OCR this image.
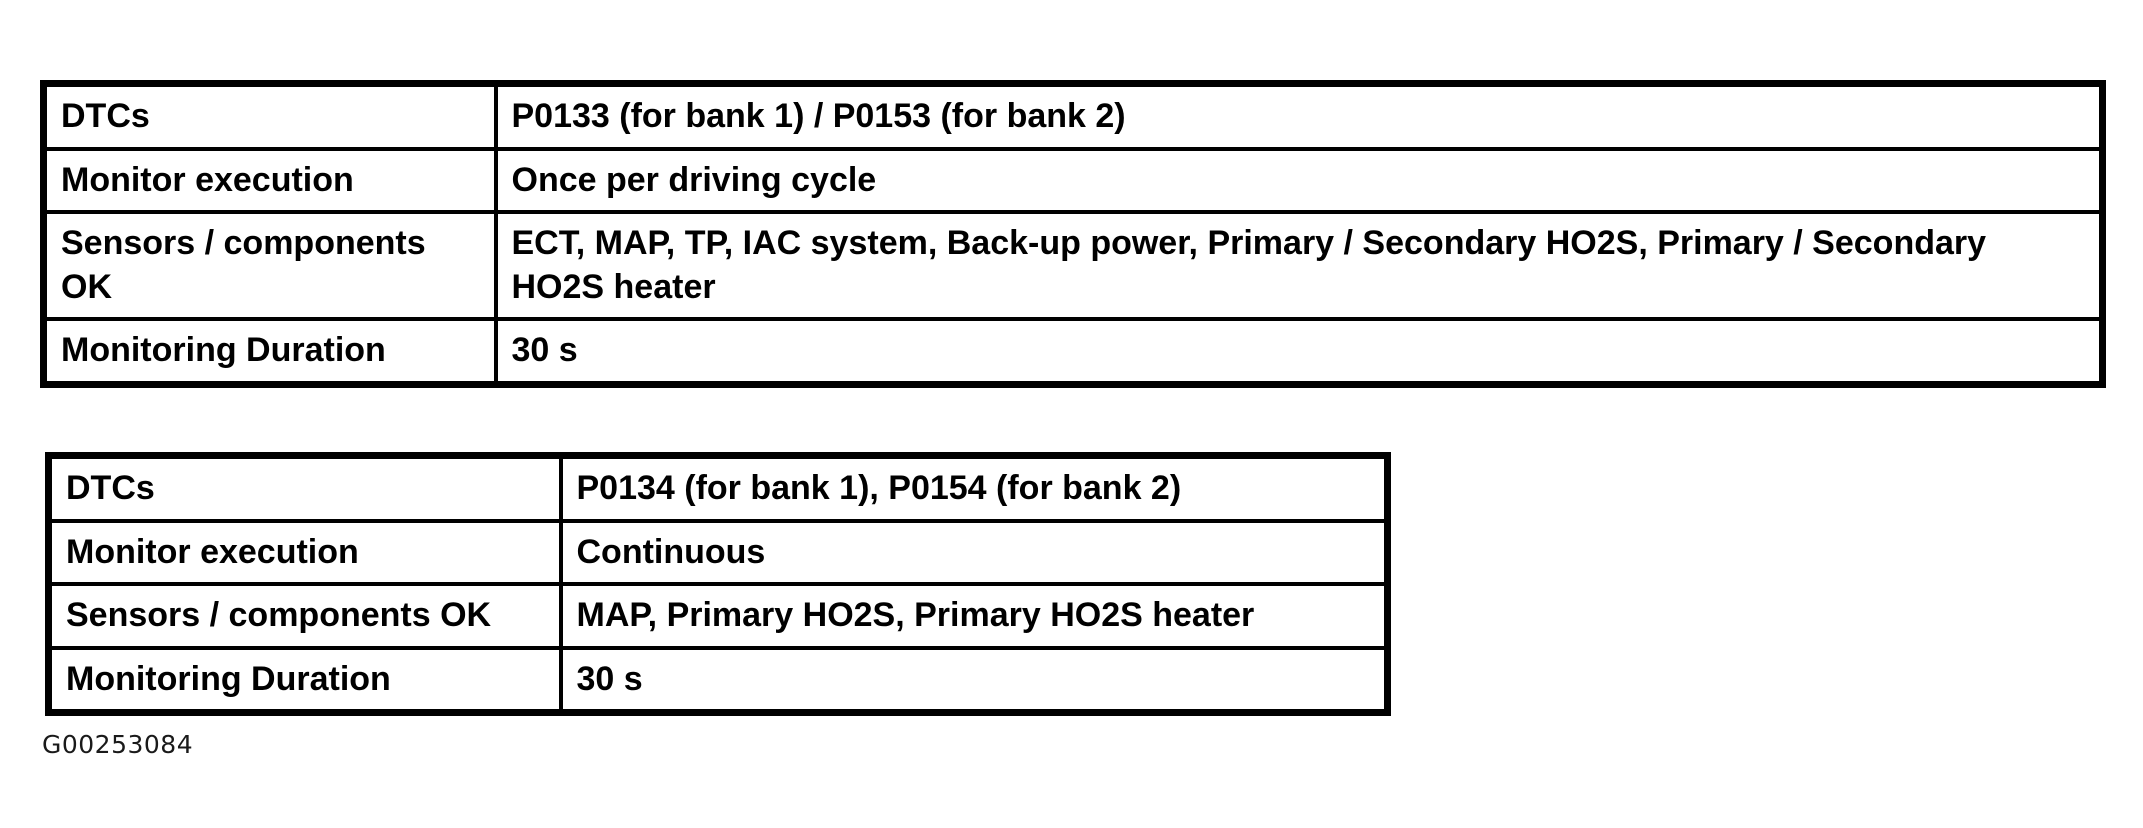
DTCs	P0133 (for bank 1) / P0153 (for bank 2)
Monitor execution	Once per driving cycle
Sensors / components OK	ECT, MAP, TP, IAC system, Back-up power, Primary / Secondary HO2S, Primary / Secondary HO2S heater
Monitoring Duration	30 s
DTCs	P0134 (for bank 1), P0154 (for bank 2)
Monitor execution	Continuous
Sensors / components OK	MAP, Primary HO2S, Primary HO2S heater
Monitoring Duration	30 s
G00253084
